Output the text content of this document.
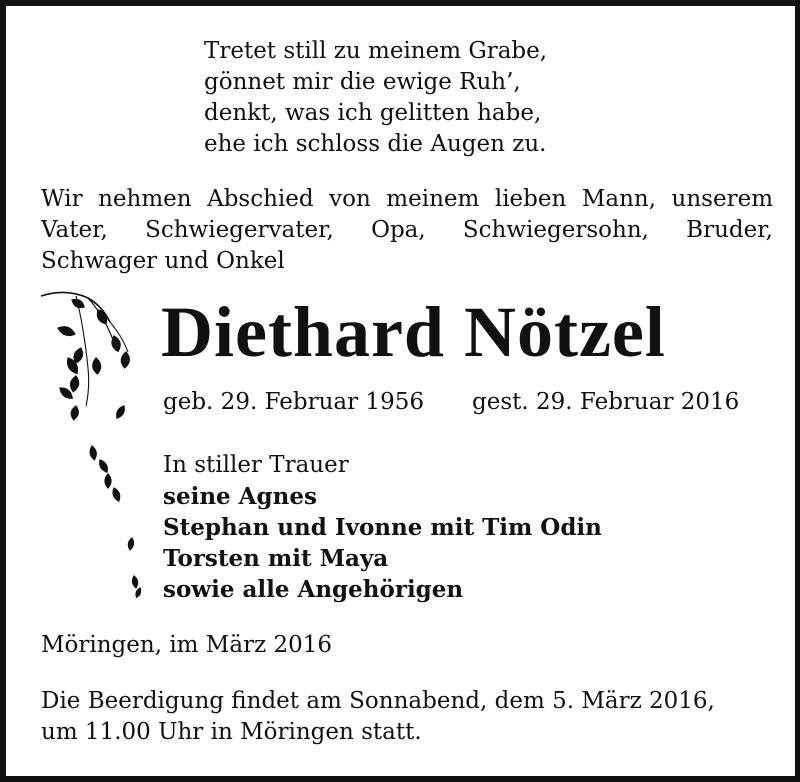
Tretet still zu meinem Grabe,
gönnet mir die ewige Ruh’,
denkt, was ich gelitten habe,
ehe ich schloss die Augen zu.
Wir nehmen Abschied von meinem lieben Mann, unserem
Vater, Schwiegervater, Opa, Schwiegersohn, Bruder,
Schwager und Onkel
Diethard Nötzel
geb. 29. Februar 1956 gest. 29. Februar 2016
In stiller Trauer
seine Agnes
Stephan und Ivonne mit Tim Odin
Torsten mit Maya
sowie alle Angehörigen
Möringen, im März 2016
Die Beerdigung findet am Sonnabend, dem 5. März 2016,
um 11.00 Uhr in Möringen statt.
